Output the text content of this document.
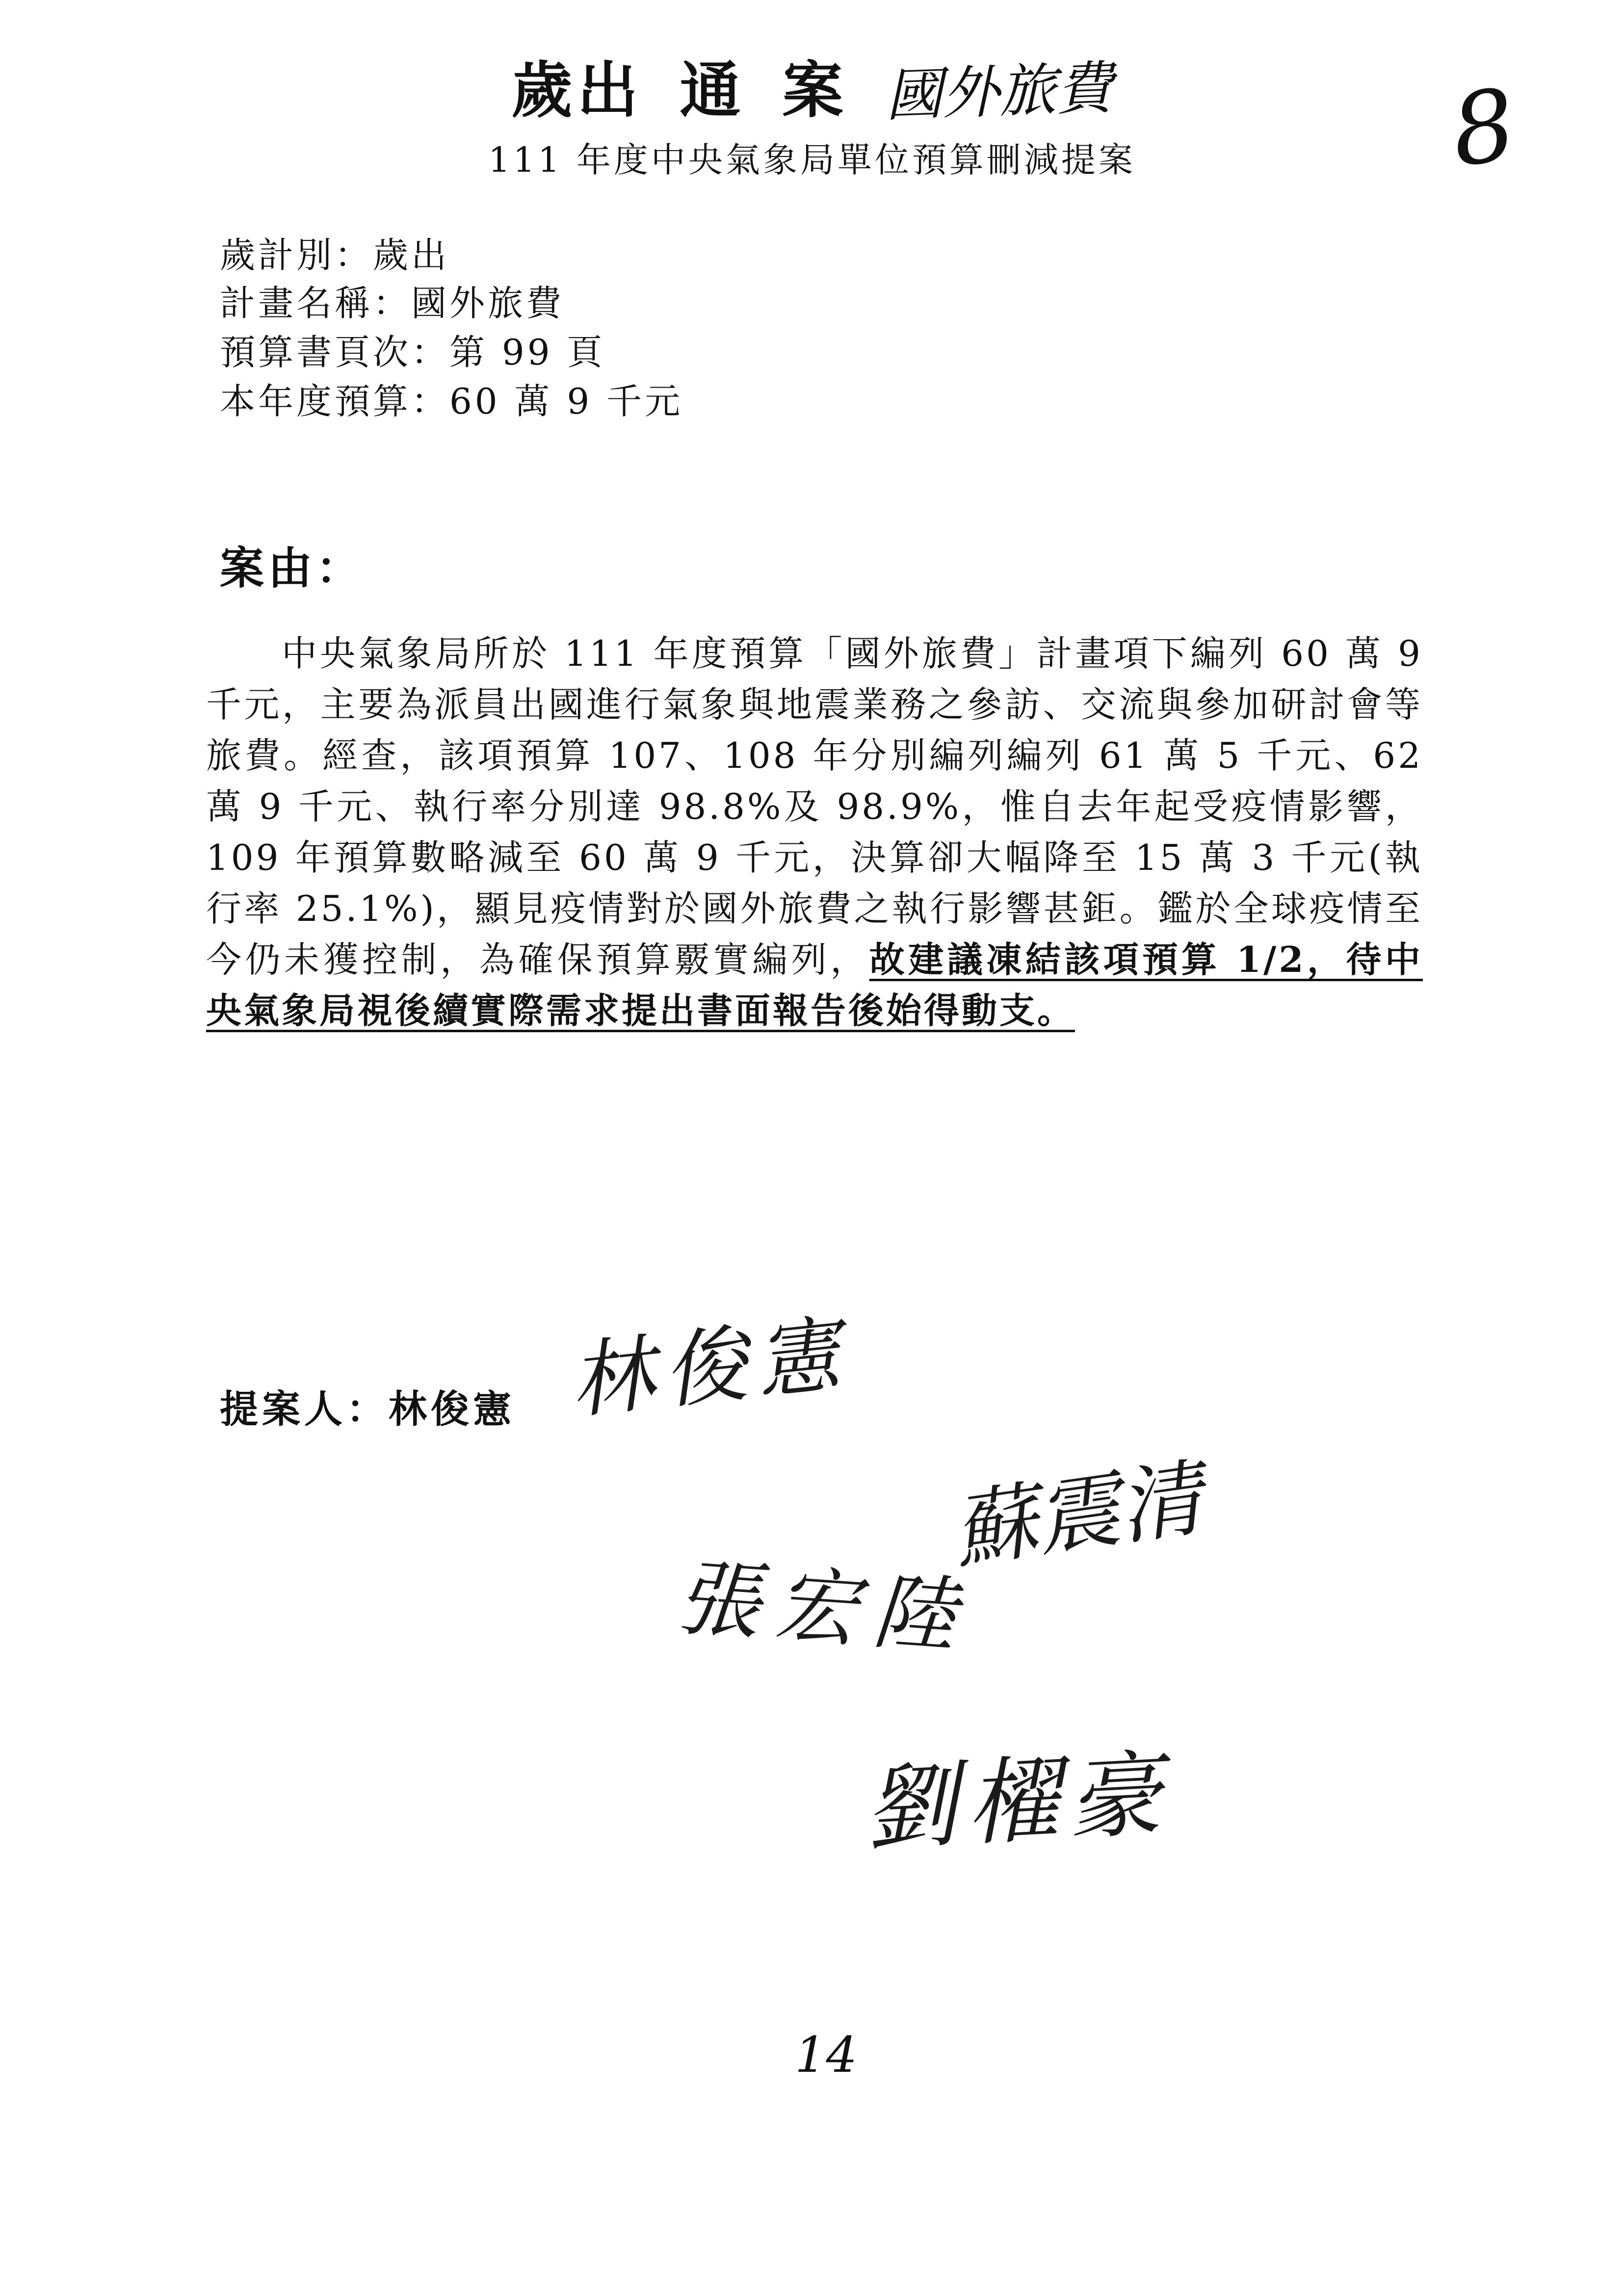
歲出 通 案 國外旅費
111 年度中央氣象局單位預算刪減提案	8
歲計別：歲出
計畫名稱：國外旅費
預算書頁次：第 99 頁
本年度預算：60 萬 9 千元
案由：
中央氣象局所於 111 年度預算「國外旅費」計畫項下編列 60 萬 9 千元，主要為派員出國進行氣象與地震業務之參訪、交流與參加研討會等旅費。經查，該項預算 107、108 年分別編列編列 61 萬 5 千元、62 萬 9 千元、執行率分別達 98.8%及 98.9%，惟自去年起受疫情影響，109 年預算數略減至 60 萬 9 千元，決算卻大幅降至 15 萬 3 千元(執行率 25.1%)，顯見疫情對於國外旅費之執行影響甚鉅。鑑於全球疫情至今仍未獲控制，為確保預算覈實編列，故建議凍結該項預算 1/2，待中央氣象局視後續實際需求提出書面報告後始得動支。
提案人：林俊憲 林俊憲
蘇震清
張宏陸
劉櫂豪
14
